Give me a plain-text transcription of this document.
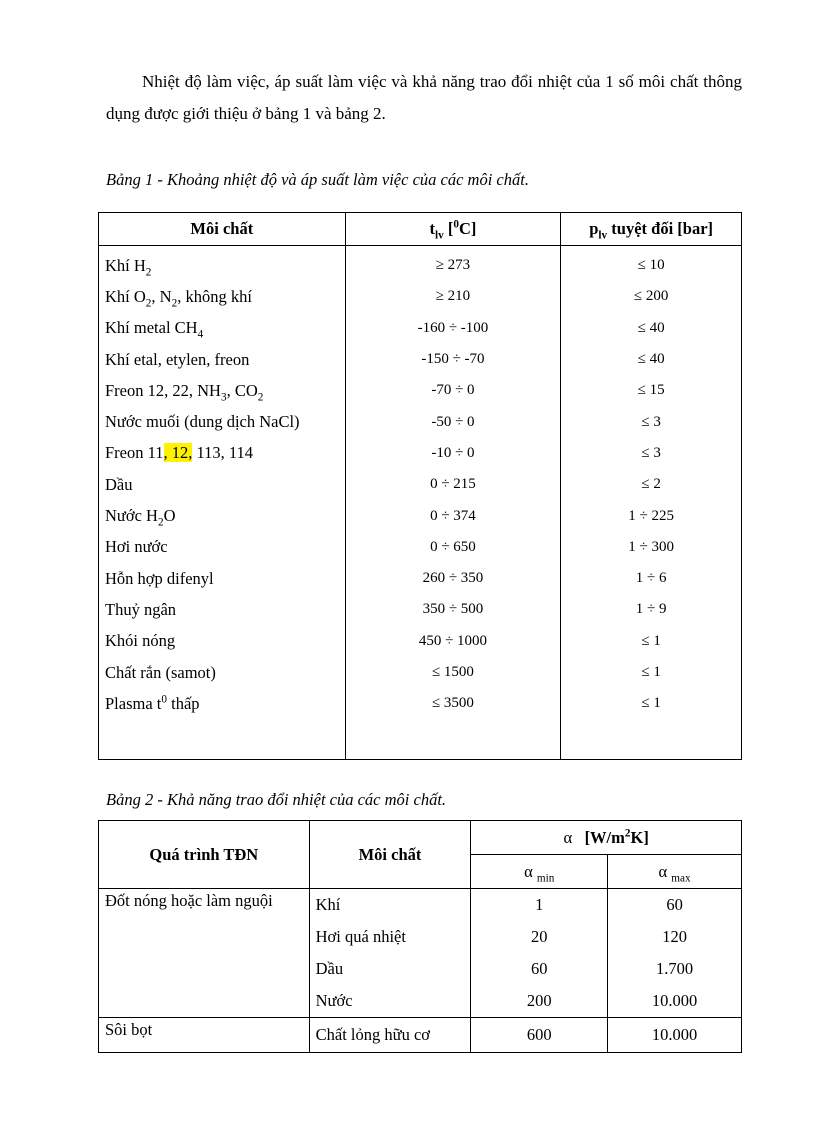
Nhiệt độ làm việc, áp suất làm việc và khả năng trao đổi nhiệt của 1 số môi chất thông dụng được giới thiệu ở bảng 1 và bảng 2.

Bảng 1 - Khoảng nhiệt độ và áp suất làm việc của các môi chất.

Môi chất	$t_{lv}$ [$^0$C]	$p_{lv}$ tuyệt đối [bar]
Khí $H_2$	≥ 273	≤ 10
Khí $O_2$, $N_2$, không khí	≥ 210	≤ 200
Khí metal $CH_4$	-160 ÷ -100	≤ 40
Khí etal, etylen, freon	-150 ÷ -70	≤ 40
Freon 12, 22, $NH_3$, $CO_2$	-70 ÷ 0	≤ 15
Nước muối (dung dịch NaCl)	-50 ÷ 0	≤ 3
Freon 11, 12, 113, 114	-10 ÷ 0	≤ 3
Dầu	0 ÷ 215	≤ 2
Nước $H_2O$	0 ÷ 374	1 ÷ 225
Hơi nước	0 ÷ 650	1 ÷ 300
Hỗn hợp difenyl	260 ÷ 350	1 ÷ 6
Thuỷ ngân	350 ÷ 500	1 ÷ 9
Khói nóng	450 ÷ 1000	≤ 1
Chất rắn (samot)	≤ 1500	≤ 1
Plasma $t^0$ thấp	≤ 3500	≤ 1

Bảng 2 - Khả năng trao đổi nhiệt của các môi chất.

Quá trình TĐN	Môi chất	α $[W/m^2K]$	
		α $_{min}$	α $_{max}$
Đốt nóng hoặc làm nguội	Khí	1	60
	Hơi quá nhiệt	20	120
	Dầu	60	1.700
	Nước	200	10.000
Sôi bọt	Chất lỏng hữu cơ	600	10.000
